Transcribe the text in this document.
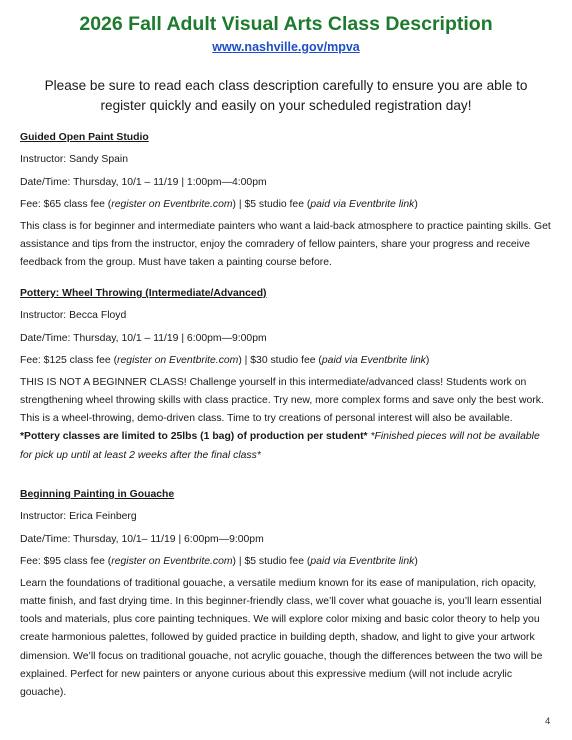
2026 Fall Adult Visual Arts Class Description
www.nashville.gov/mpva
Please be sure to read each class description carefully to ensure you are able to
register quickly and easily on your scheduled registration day!
Guided Open Paint Studio
Instructor: Sandy Spain
Date/Time: Thursday, 10/1 – 11/19 | 1:00pm—4:00pm
Fee: $65 class fee (register on Eventbrite.com) | $5 studio fee (paid via Eventbrite link)
This class is for beginner and intermediate painters who want a laid-back atmosphere to practice painting skills. Get assistance and tips from the instructor, enjoy the comradery of fellow painters, share your progress and receive feedback from the group. Must have taken a painting course before.
Pottery: Wheel Throwing (Intermediate/Advanced)
Instructor: Becca Floyd
Date/Time: Thursday, 10/1 – 11/19 | 6:00pm—9:00pm
Fee: $125 class fee (register on Eventbrite.com) | $30 studio fee (paid via Eventbrite link)
THIS IS NOT A BEGINNER CLASS! Challenge yourself in this intermediate/advanced class! Students work on strengthening wheel throwing skills with class practice. Try new, more complex forms and save only the best work. This is a wheel-throwing, demo-driven class. Time to try creations of personal interest will also be available. *Pottery classes are limited to 25lbs (1 bag) of production per student* *Finished pieces will not be available for pick up until at least 2 weeks after the final class*
Beginning Painting in Gouache
Instructor: Erica Feinberg
Date/Time: Thursday, 10/1– 11/19 | 6:00pm—9:00pm
Fee: $95 class fee (register on Eventbrite.com) | $5 studio fee (paid via Eventbrite link)
Learn the foundations of traditional gouache, a versatile medium known for its ease of manipulation, rich opacity, matte finish, and fast drying time. In this beginner-friendly class, we’ll cover what gouache is, you’ll learn essential tools and materials, plus core painting techniques. We will explore color mixing and basic color theory to help you create harmonious palettes, followed by guided practice in building depth, shadow, and light to give your artwork dimension. We’ll focus on traditional gouache, not acrylic gouache, though the differences between the two will be explained. Perfect for new painters or anyone curious about this expressive medium (will not include acrylic gouache).
4
